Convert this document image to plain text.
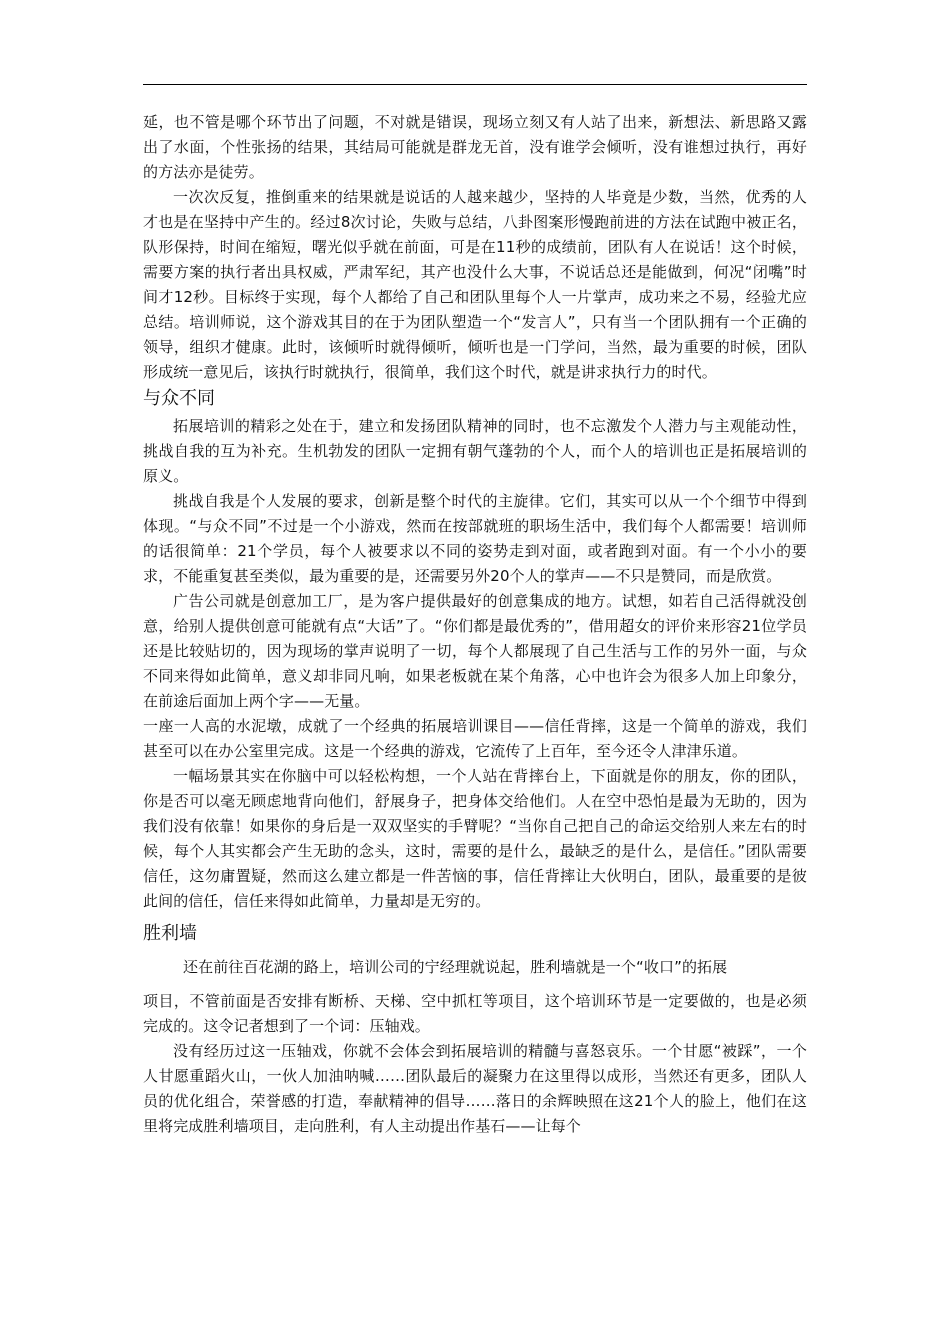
延，也不管是哪个环节出了问题，不对就是错误，现场立刻又有人站了出来，新想法、新思路又露出了水面，个性张扬的结果，其结局可能就是群龙无首，没有谁学会倾听，没有谁想过执行，再好的方法亦是徒劳。

一次次反复，推倒重来的结果就是说话的人越来越少，坚持的人毕竟是少数，当然，优秀的人才也是在坚持中产生的。经过8次讨论，失败与总结，八卦图案形慢跑前进的方法在试跑中被正名，队形保持，时间在缩短，曙光似乎就在前面，可是在11秒的成绩前，团队有人在说话！这个时候，需要方案的执行者出具权威，严肃军纪，其产也没什么大事，不说话总还是能做到，何况“闭嘴”时间才12秒。目标终于实现，每个人都给了自己和团队里每个人一片掌声，成功来之不易，经验尤应总结。培训师说，这个游戏其目的在于为团队塑造一个“发言人”，只有当一个团队拥有一个正确的领导，组织才健康。此时，该倾听时就得倾听，倾听也是一门学问，当然，最为重要的时候，团队形成统一意见后，该执行时就执行，很简单，我们这个时代，就是讲求执行力的时代。

与众不同

拓展培训的精彩之处在于，建立和发扬团队精神的同时，也不忘激发个人潜力与主观能动性，挑战自我的互为补充。生机勃发的团队一定拥有朝气蓬勃的个人，而个人的培训也正是拓展培训的原义。

挑战自我是个人发展的要求，创新是整个时代的主旋律。它们，其实可以从一个个细节中得到体现。“与众不同”不过是一个小游戏，然而在按部就班的职场生活中，我们每个人都需要！培训师的话很简单：21个学员，每个人被要求以不同的姿势走到对面，或者跑到对面。有一个小小的要求，不能重复甚至类似，最为重要的是，还需要另外20个人的掌声——不只是赞同，而是欣赏。

广告公司就是创意加工厂，是为客户提供最好的创意集成的地方。试想，如若自己活得就没创意，给别人提供创意可能就有点“大话”了。“你们都是最优秀的”，借用超女的评价来形容21位学员还是比较贴切的，因为现场的掌声说明了一切，每个人都展现了自己生活与工作的另外一面，与众不同来得如此简单，意义却非同凡响，如果老板就在某个角落，心中也许会为很多人加上印象分，在前途后面加上两个字——无量。

一座一人高的水泥墩，成就了一个经典的拓展培训课目——信任背摔，这是一个简单的游戏，我们甚至可以在办公室里完成。这是一个经典的游戏，它流传了上百年，至今还令人津津乐道。

一幅场景其实在你脑中可以轻松构想，一个人站在背摔台上，下面就是你的朋友，你的团队，你是否可以毫无顾虑地背向他们，舒展身子，把身体交给他们。人在空中恐怕是最为无助的，因为我们没有依靠！如果你的身后是一双双坚实的手臂呢？“当你自己把自己的命运交给别人来左右的时候，每个人其实都会产生无助的念头，这时，需要的是什么，最缺乏的是什么，是信任。”团队需要信任，这勿庸置疑，然而这么建立都是一件苦恼的事，信任背摔让大伙明白，团队，最重要的是彼此间的信任，信任来得如此简单，力量却是无穷的。

胜利墙

还在前往百花湖的路上，培训公司的宁经理就说起，胜利墙就是一个“收口”的拓展

项目，不管前面是否安排有断桥、天梯、空中抓杠等项目，这个培训环节是一定要做的，也是必须完成的。这令记者想到了一个词：压轴戏。

没有经历过这一压轴戏，你就不会体会到拓展培训的精髓与喜怒哀乐。一个甘愿“被踩”，一个人甘愿重蹈火山，一伙人加油呐喊……团队最后的凝聚力在这里得以成形，当然还有更多，团队人员的优化组合，荣誉感的打造，奉献精神的倡导……落日的余辉映照在这21个人的脸上，他们在这里将完成胜利墙项目，走向胜利，有人主动提出作基石——让每个
